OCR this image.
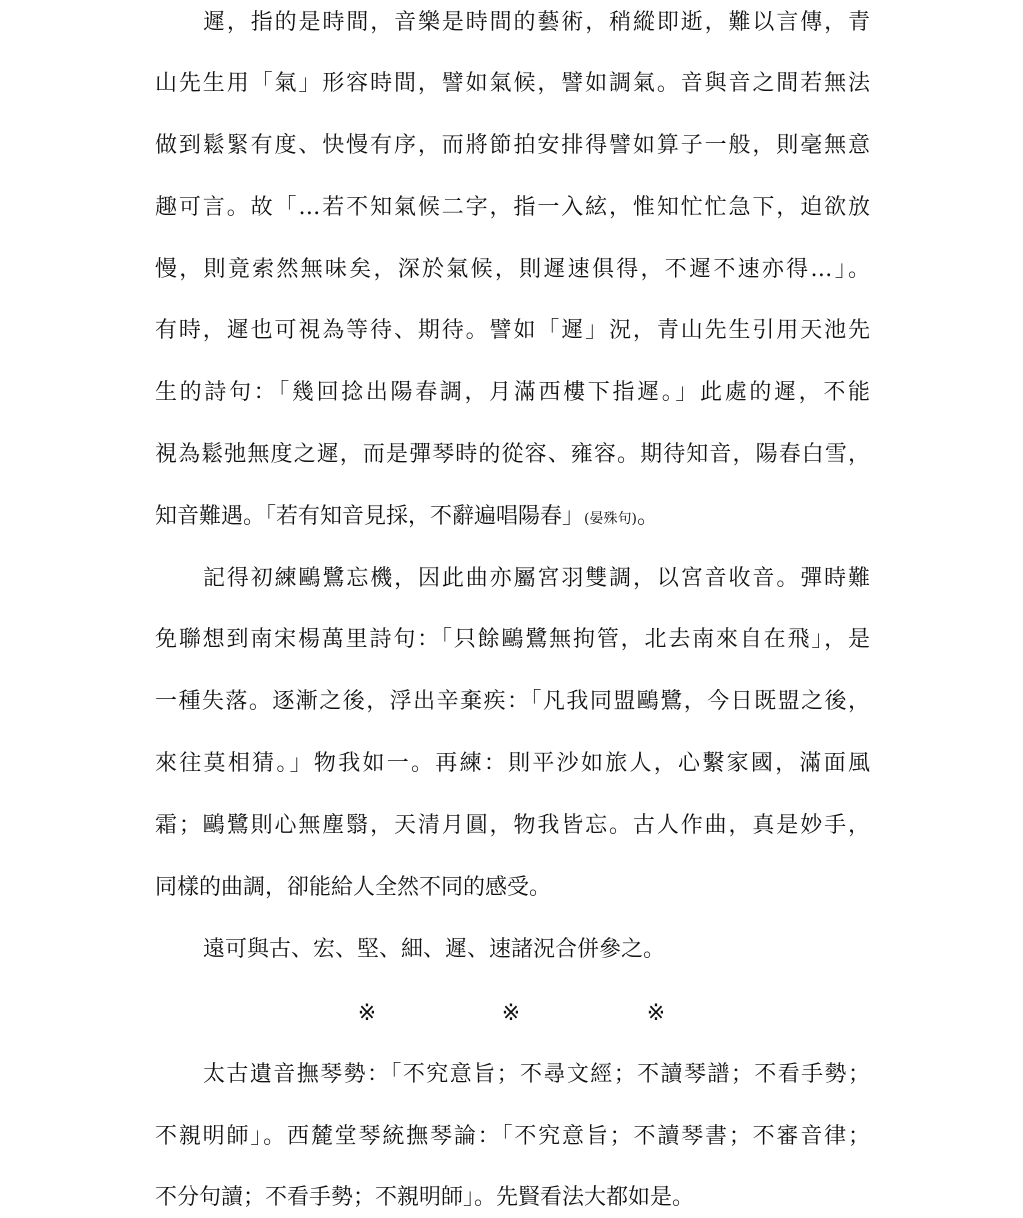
遲，指的是時間，音樂是時間的藝術，稍縱即逝，難以言傳，青
山先生用「氣」形容時間，譬如氣候，譬如調氣。音與音之間若無法
做到鬆緊有度、快慢有序，而將節拍安排得譬如算子一般，則毫無意
趣可言。故「…若不知氣候二字，指一入絃，惟知忙忙急下，迫欲放
慢，則竟索然無味矣，深於氣候，則遲速俱得，不遲不速亦得…」。
有時，遲也可視為等待、期待。譬如「遲」況，青山先生引用天池先
生的詩句：「幾回捻出陽春調，月滿西樓下指遲。」此處的遲，不能
視為鬆弛無度之遲，而是彈琴時的從容、雍容。期待知音，陽春白雪，
知音難遇。「若有知音見採，不辭遍唱陽春」(晏殊句)。
記得初練鷗鷺忘機，因此曲亦屬宮羽雙調，以宮音收音。彈時難
免聯想到南宋楊萬里詩句：「只餘鷗鷺無拘管，北去南來自在飛」，是
一種失落。逐漸之後，浮出辛棄疾：「凡我同盟鷗鷺，今日既盟之後，
來往莫相猜。」物我如一。再練：則平沙如旅人，心繫家國，滿面風
霜；鷗鷺則心無塵翳，天清月圓，物我皆忘。古人作曲，真是妙手，
同樣的曲調，卻能給人全然不同的感受。
遠可與古、宏、堅、細、遲、速諸況合併參之。
※	※	※
太古遺音撫琴勢：「不究意旨；不尋文經；不讀琴譜；不看手勢；
不親明師」。西麓堂琴統撫琴論：「不究意旨；不讀琴書；不審音律；
不分句讀；不看手勢；不親明師」。先賢看法大都如是。
